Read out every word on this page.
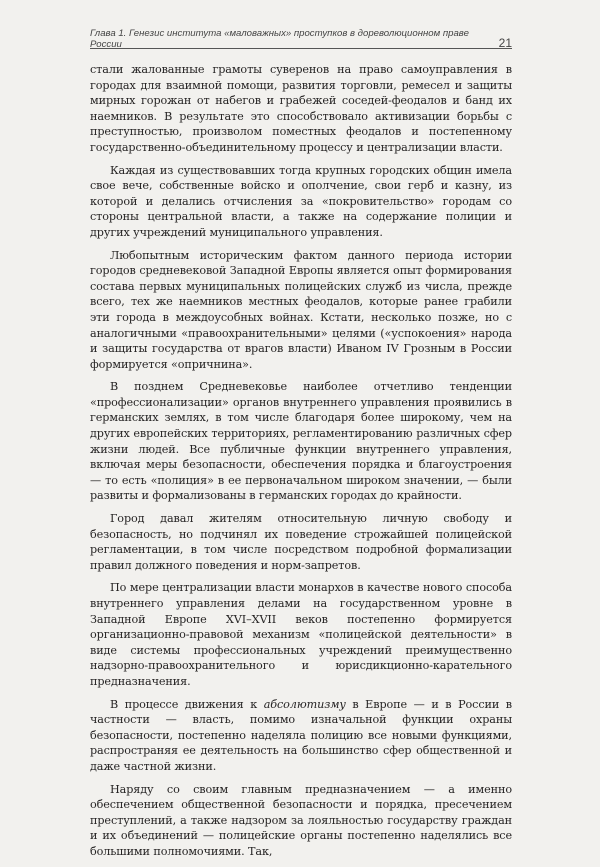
Глава 1. Генезис института «маловажных» проступков в дореволюционном праве России	21

стали жалованные грамоты суверенов на право самоуправления в городах для взаимной помощи, развития торговли, ремесел и защиты мирных горожан от набегов и грабежей соседей-феодалов и банд их наемников. В результате это способствовало активизации борьбы с преступностью, произволом поместных феодалов и постепенному государственно-объединительному процессу и централизации власти.

Каждая из существовавших тогда крупных городских общин имела свое вече, собственные войско и ополчение, свои герб и казну, из которой и делались отчисления за «покровительство» городам со стороны центральной власти, а также на содержание полиции и других учреждений муниципального управления.

Любопытным историческим фактом данного периода истории городов средневековой Западной Европы является опыт формирования состава первых муниципальных полицейских служб из числа, прежде всего, тех же наемников местных феодалов, которые ранее грабили эти города в междоусобных войнах. Кстати, несколько позже, но с аналогичными «правоохранительными» целями («успокоения» народа и защиты государства от врагов власти) Иваном IV Грозным в России формируется «опричнина».

В позднем Средневековье наиболее отчетливо тенденции «профессионализации» органов внутреннего управления проявились в германских землях, в том числе благодаря более широкому, чем на других европейских территориях, регламентированию различных сфер жизни людей. Все публичные функции внутреннего управления, включая меры безопасности, обеспечения порядка и благоустроения — то есть «полиция» в ее первоначальном широком значении, — были развиты и формализованы в германских городах до крайности.

Город давал жителям относительную личную свободу и безопасность, но подчинял их поведение строжайшей полицейской регламентации, в том числе посредством подробной формализации правил должного поведения и норм-запретов.

По мере централизации власти монархов в качестве нового способа внутреннего управления делами на государственном уровне в Западной Европе XVI–XVII веков постепенно формируется организационно-правовой механизм «полицейской деятельности» в виде системы профессиональных учреждений преимущественно надзорно-правоохранительного и юрисдикционно-карательного предназначения.

В процессе движения к абсолютизму в Европе — и в России в частности — власть, помимо изначальной функции охраны безопасности, постепенно наделяла полицию все новыми функциями, распространяя ее деятельность на большинство сфер общественной и даже частной жизни.

Наряду со своим главным предназначением — а именно обеспечением общественной безопасности и порядка, пресечением преступлений, а также надзором за лояльностью государству граждан и их объединений — полицейские органы постепенно наделялись все большими полномочиями. Так,
